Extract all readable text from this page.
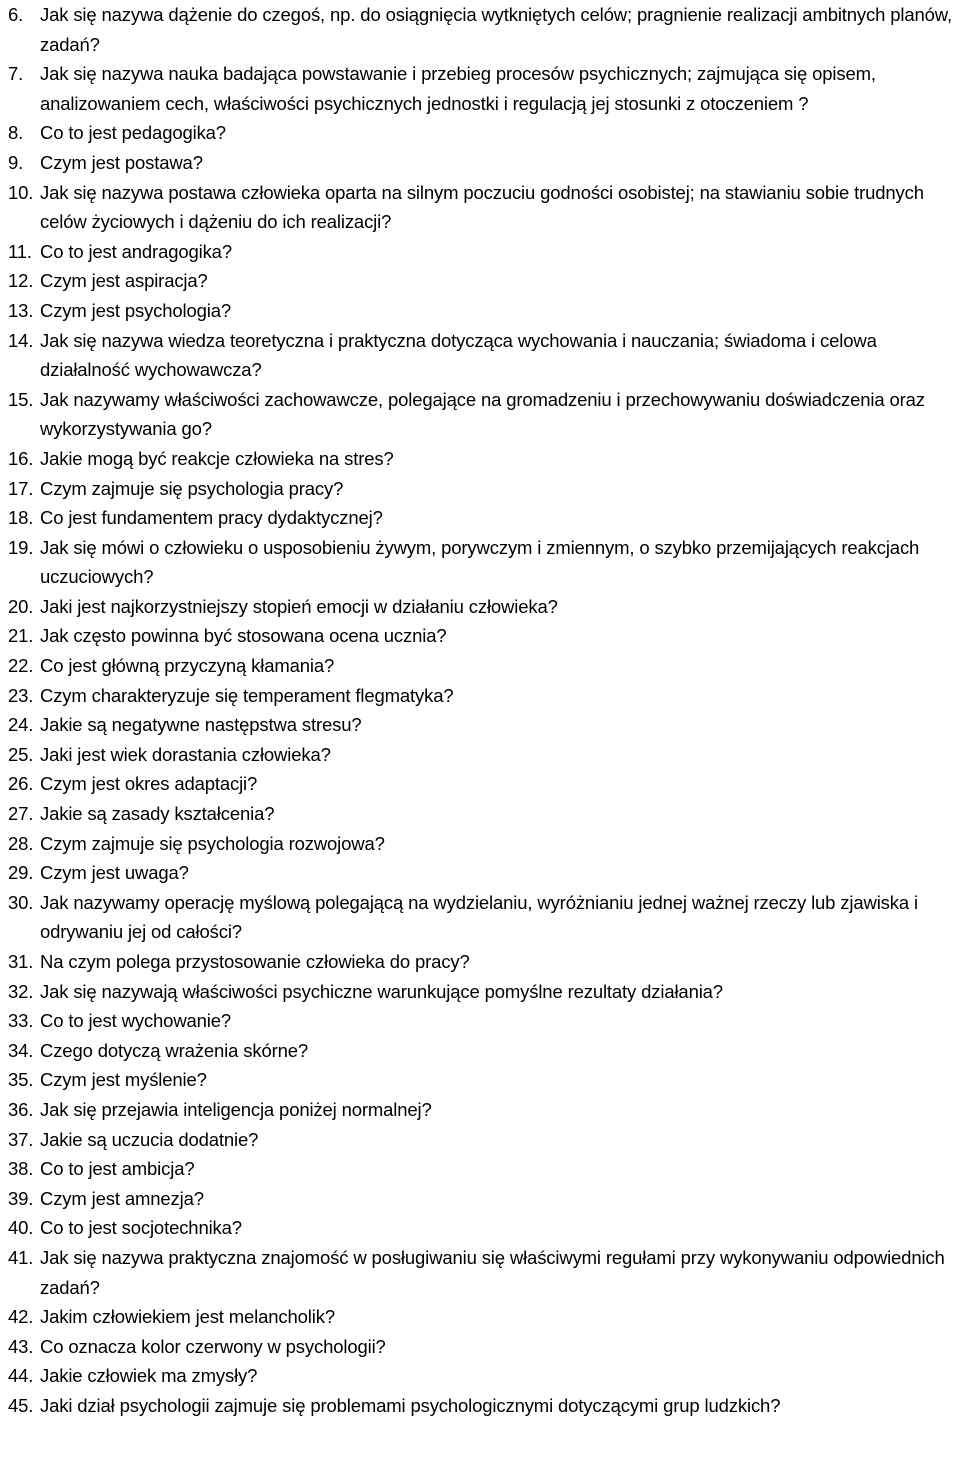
6. Jak się nazywa dążenie do czegoś, np. do osiągnięcia wytkniętych celów; pragnienie realizacji ambitnych planów, zadań?
7. Jak się nazywa nauka badająca powstawanie i przebieg procesów psychicznych; zajmująca się opisem, analizowaniem cech, właściwości psychicznych jednostki i regulacją jej stosunki z otoczeniem ?
8. Co to jest pedagogika?
9. Czym jest postawa?
10. Jak się nazywa postawa człowieka oparta na silnym poczuciu godności osobistej; na stawianiu sobie trudnych celów życiowych i dążeniu do ich realizacji?
11. Co to jest andragogika?
12. Czym jest aspiracja?
13. Czym jest psychologia?
14. Jak się nazywa wiedza teoretyczna i praktyczna dotycząca wychowania i nauczania; świadoma i celowa działalność wychowawcza?
15. Jak nazywamy właściwości zachowawcze, polegające na gromadzeniu i przechowywaniu doświadczenia oraz wykorzystywania go?
16. Jakie mogą być reakcje człowieka na stres?
17. Czym zajmuje się psychologia pracy?
18. Co jest fundamentem pracy dydaktycznej?
19. Jak się mówi o człowieku o usposobieniu żywym, porywczym i zmiennym, o szybko przemijających reakcjach uczuciowych?
20. Jaki jest najkorzystniejszy stopień emocji w działaniu człowieka?
21. Jak często powinna być stosowana ocena ucznia?
22. Co jest główną przyczyną kłamania?
23. Czym charakteryzuje się temperament flegmatyka?
24. Jakie są negatywne następstwa stresu?
25. Jaki jest wiek dorastania człowieka?
26. Czym jest okres adaptacji?
27. Jakie są zasady kształcenia?
28. Czym zajmuje się psychologia rozwojowa?
29. Czym jest uwaga?
30. Jak nazywamy operację myślową polegającą na wydzielaniu, wyróżnianiu jednej ważnej rzeczy lub zjawiska i odrywaniu jej od całości?
31. Na czym polega przystosowanie człowieka do pracy?
32. Jak się nazywają właściwości psychiczne warunkujące pomyślne rezultaty działania?
33. Co to jest wychowanie?
34. Czego dotyczą wrażenia skórne?
35. Czym jest myślenie?
36. Jak się przejawia inteligencja poniżej normalnej?
37. Jakie są uczucia dodatnie?
38. Co to jest ambicja?
39. Czym jest amnezja?
40. Co to jest socjotechnika?
41. Jak się nazywa praktyczna znajomość w posługiwaniu się właściwymi regułami przy wykonywaniu odpowiednich zadań?
42. Jakim człowiekiem jest melancholik?
43. Co oznacza kolor czerwony w psychologii?
44. Jakie człowiek ma zmysły?
45. Jaki dział psychologii zajmuje się problemami psychologicznymi dotyczącymi grup ludzkich?
